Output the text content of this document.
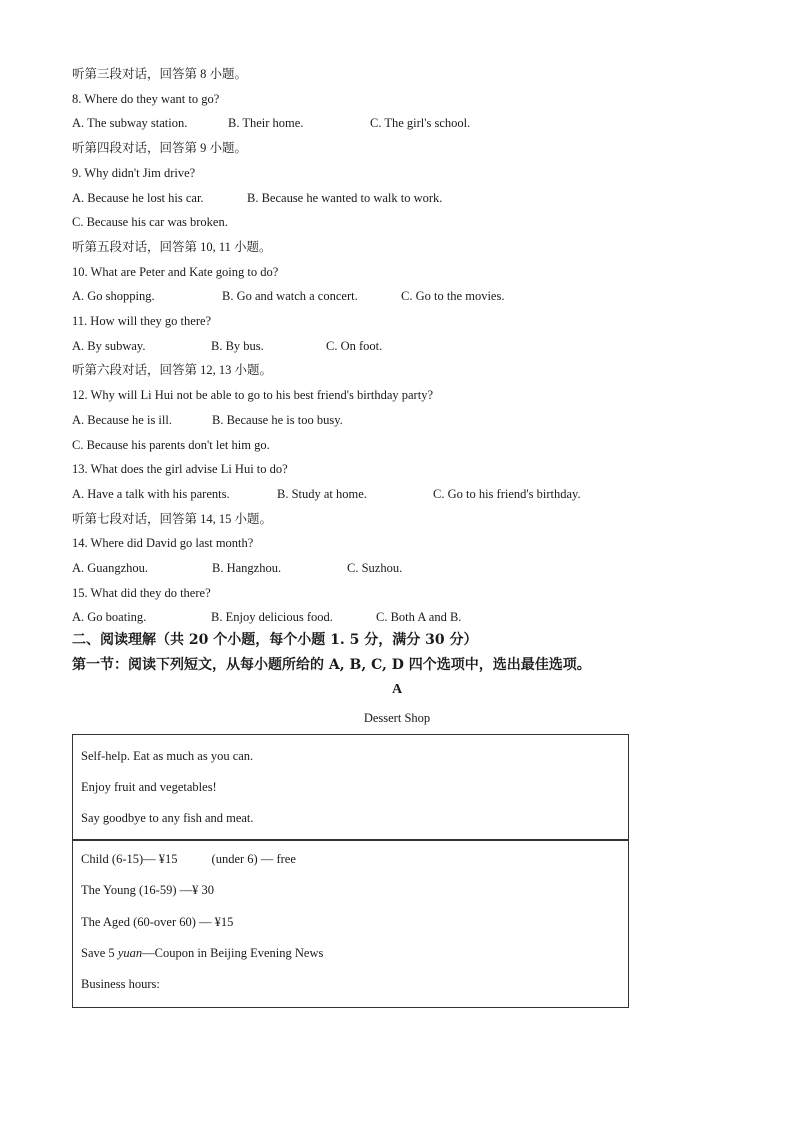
听第三段对话，回答第 8 小题。
8. Where do they want to go?
A. The subway station.	B. Their home.	C. The girl's school.
听第四段对话，回答第 9 小题。
9. Why didn't Jim drive?
A. Because he lost his car.	B. Because he wanted to walk to work.
C. Because his car was broken.
听第五段对话，回答第 10, 11 小题。
10. What are Peter and Kate going to do?
A. Go shopping.	B. Go and watch a concert.	C. Go to the movies.
11. How will they go there?
A. By subway.	B. By bus.	C. On foot.
听第六段对话，回答第 12, 13 小题。
12. Why will Li Hui not be able to go to his best friend's birthday party?
A. Because he is ill.	B. Because he is too busy.
C. Because his parents don't let him go.
13. What does the girl advise Li Hui to do?
A. Have a talk with his parents.	B. Study at home.	C. Go to his friend's birthday.
听第七段对话，回答第 14, 15 小题。
14. Where did David go last month?
A. Guangzhou.	B. Hangzhou.	C. Suzhou.
15. What did they do there?
A. Go boating.	B. Enjoy delicious food.	C. Both A and B.
二、阅读理解（共 20 个小题，每个小题 1. 5 分，满分 30 分）
第一节：阅读下列短文，从每小题所给的 A, B, C, D 四个选项中，选出最佳选项。
A
Dessert Shop
Self-help. Eat as much as you can.
Enjoy fruit and vegetables!
Say goodbye to any fish and meat.
Child (6-15)— ¥15	(under 6) — free
The Young (16-59) —¥ 30
The Aged (60-over 60) — ¥15
Save 5 yuan—Coupon in Beijing Evening News
Business hours:
